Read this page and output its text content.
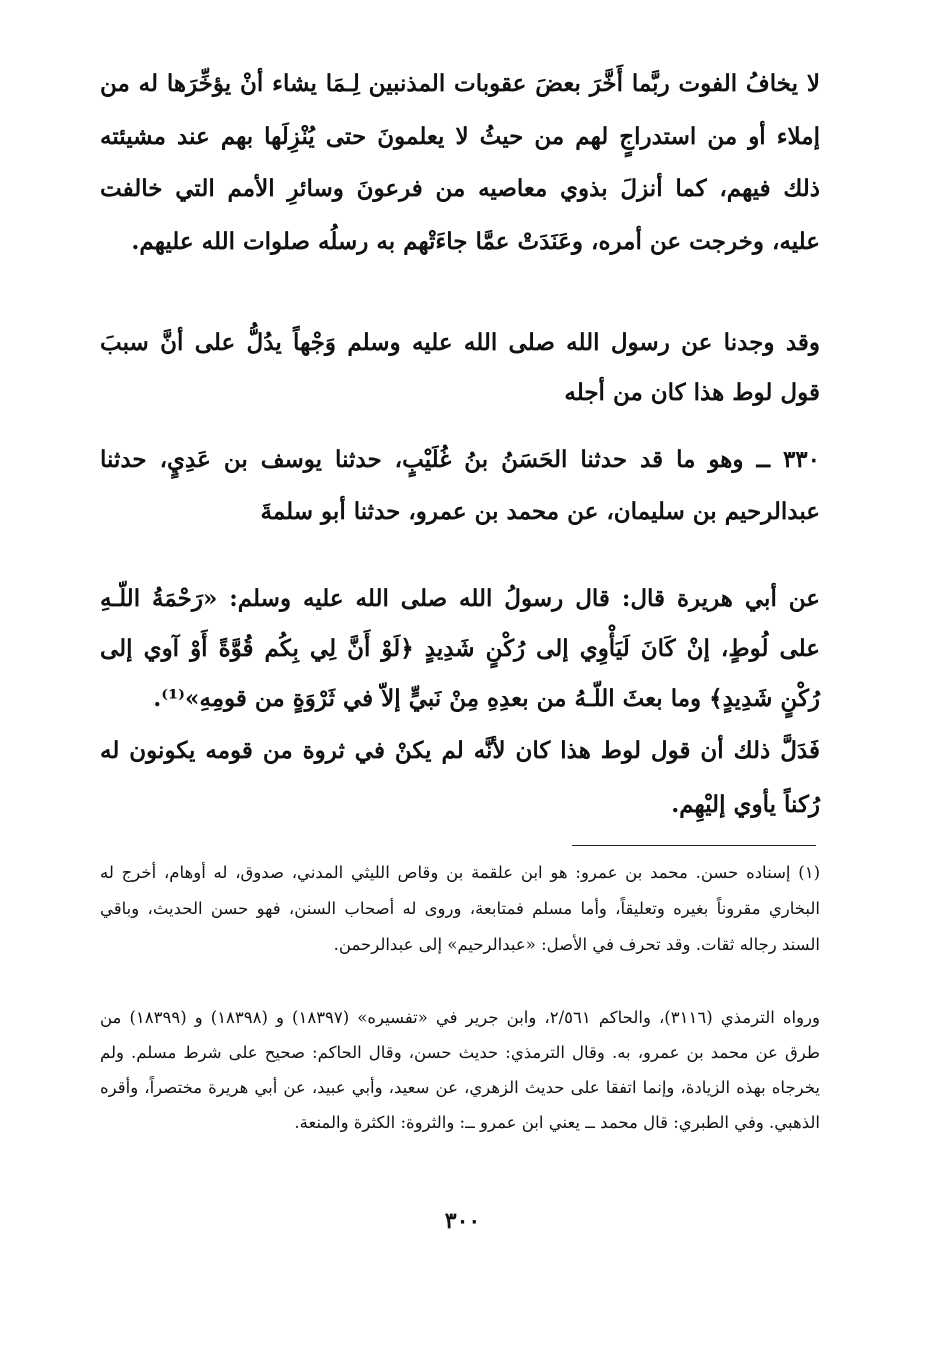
لا يخافُ الفوت ربَّما أَخَّرَ بعضَ عقوبات المذنبين لِـمَا يشاء أنْ يؤخِّرَها له من إملاء أو من استدراجٍ لهم من حيثُ لا يعلمونَ حتى يُنْزِلَها بهم عند مشيئته ذلك فيهم، كما أنزلَ بذوي معاصيه من فرعونَ وسائرِ الأمم التي خالفت عليه، وخرجت عن أمره، وعَنَدَتْ عمَّا جاءَتْهم به رسلُه صلوات الله عليهم.

وقد وجدنا عن رسول الله صلى الله عليه وسلم وَجْهاً يدُلُّ على أنَّ سببَ قول لوط هذا كان من أجله

٣٣٠ ــ وهو ما قد حدثنا الحَسَنُ بنُ غُلَيْبٍ، حدثنا يوسف بن عَدِيٍ، حدثنا عبدالرحيم بن سليمان، عن محمد بن عمرو، حدثنا أبو سلمةَ

عن أبي هريرة قال: قال رسولُ الله صلى الله عليه وسلم: «رَحْمَةُ اللّـهِ على لُوطٍ، إنْ كَانَ لَيَأْوِي إلى رُكْنٍ شَدِيدٍ ﴿لَوْ أَنَّ لِي بِكُم قُوَّةً أَوْ آوي إلى رُكْنٍ شَدِيدٍ﴾ وما بعثَ اللّـهُ من بعدِهِ مِنْ نَبيٍّ إلاّ في ثَرْوَةٍ من قومِهِ»⁽¹⁾.

فَدَلَّ ذلك أن قول لوط هذا كان لأنَّه لم يكنْ في ثروة من قومه يكونون له رُكناً يأوي إليْهِم.

(١) إسناده حسن. محمد بن عمرو: هو ابن علقمة بن وقاص الليثي المدني، صدوق، له أوهام، أخرج له البخاري مقروناً بغيره وتعليقاً، وأما مسلم فمتابعة، وروى له أصحاب السنن، فهو حسن الحديث، وباقي السند رجاله ثقات. وقد تحرف في الأصل: «عبدالرحيم» إلى عبدالرحمن.

ورواه الترمذي (٣١١٦)، والحاكم ٢/٥٦١، وابن جرير في «تفسيره» (١٨٣٩٧) و (١٨٣٩٨) و (١٨٣٩٩) من طرق عن محمد بن عمرو، به. وقال الترمذي: حديث حسن، وقال الحاكم: صحيح على شرط مسلم. ولم يخرجاه بهذه الزيادة، وإنما اتفقا على حديث الزهري، عن سعيد، وأبي عبيد، عن أبي هريرة مختصراً، وأقره الذهبي. وفي الطبري: قال محمد ــ يعني ابن عمرو ــ: والثروة: الكثرة والمنعة.

٣٠٠
